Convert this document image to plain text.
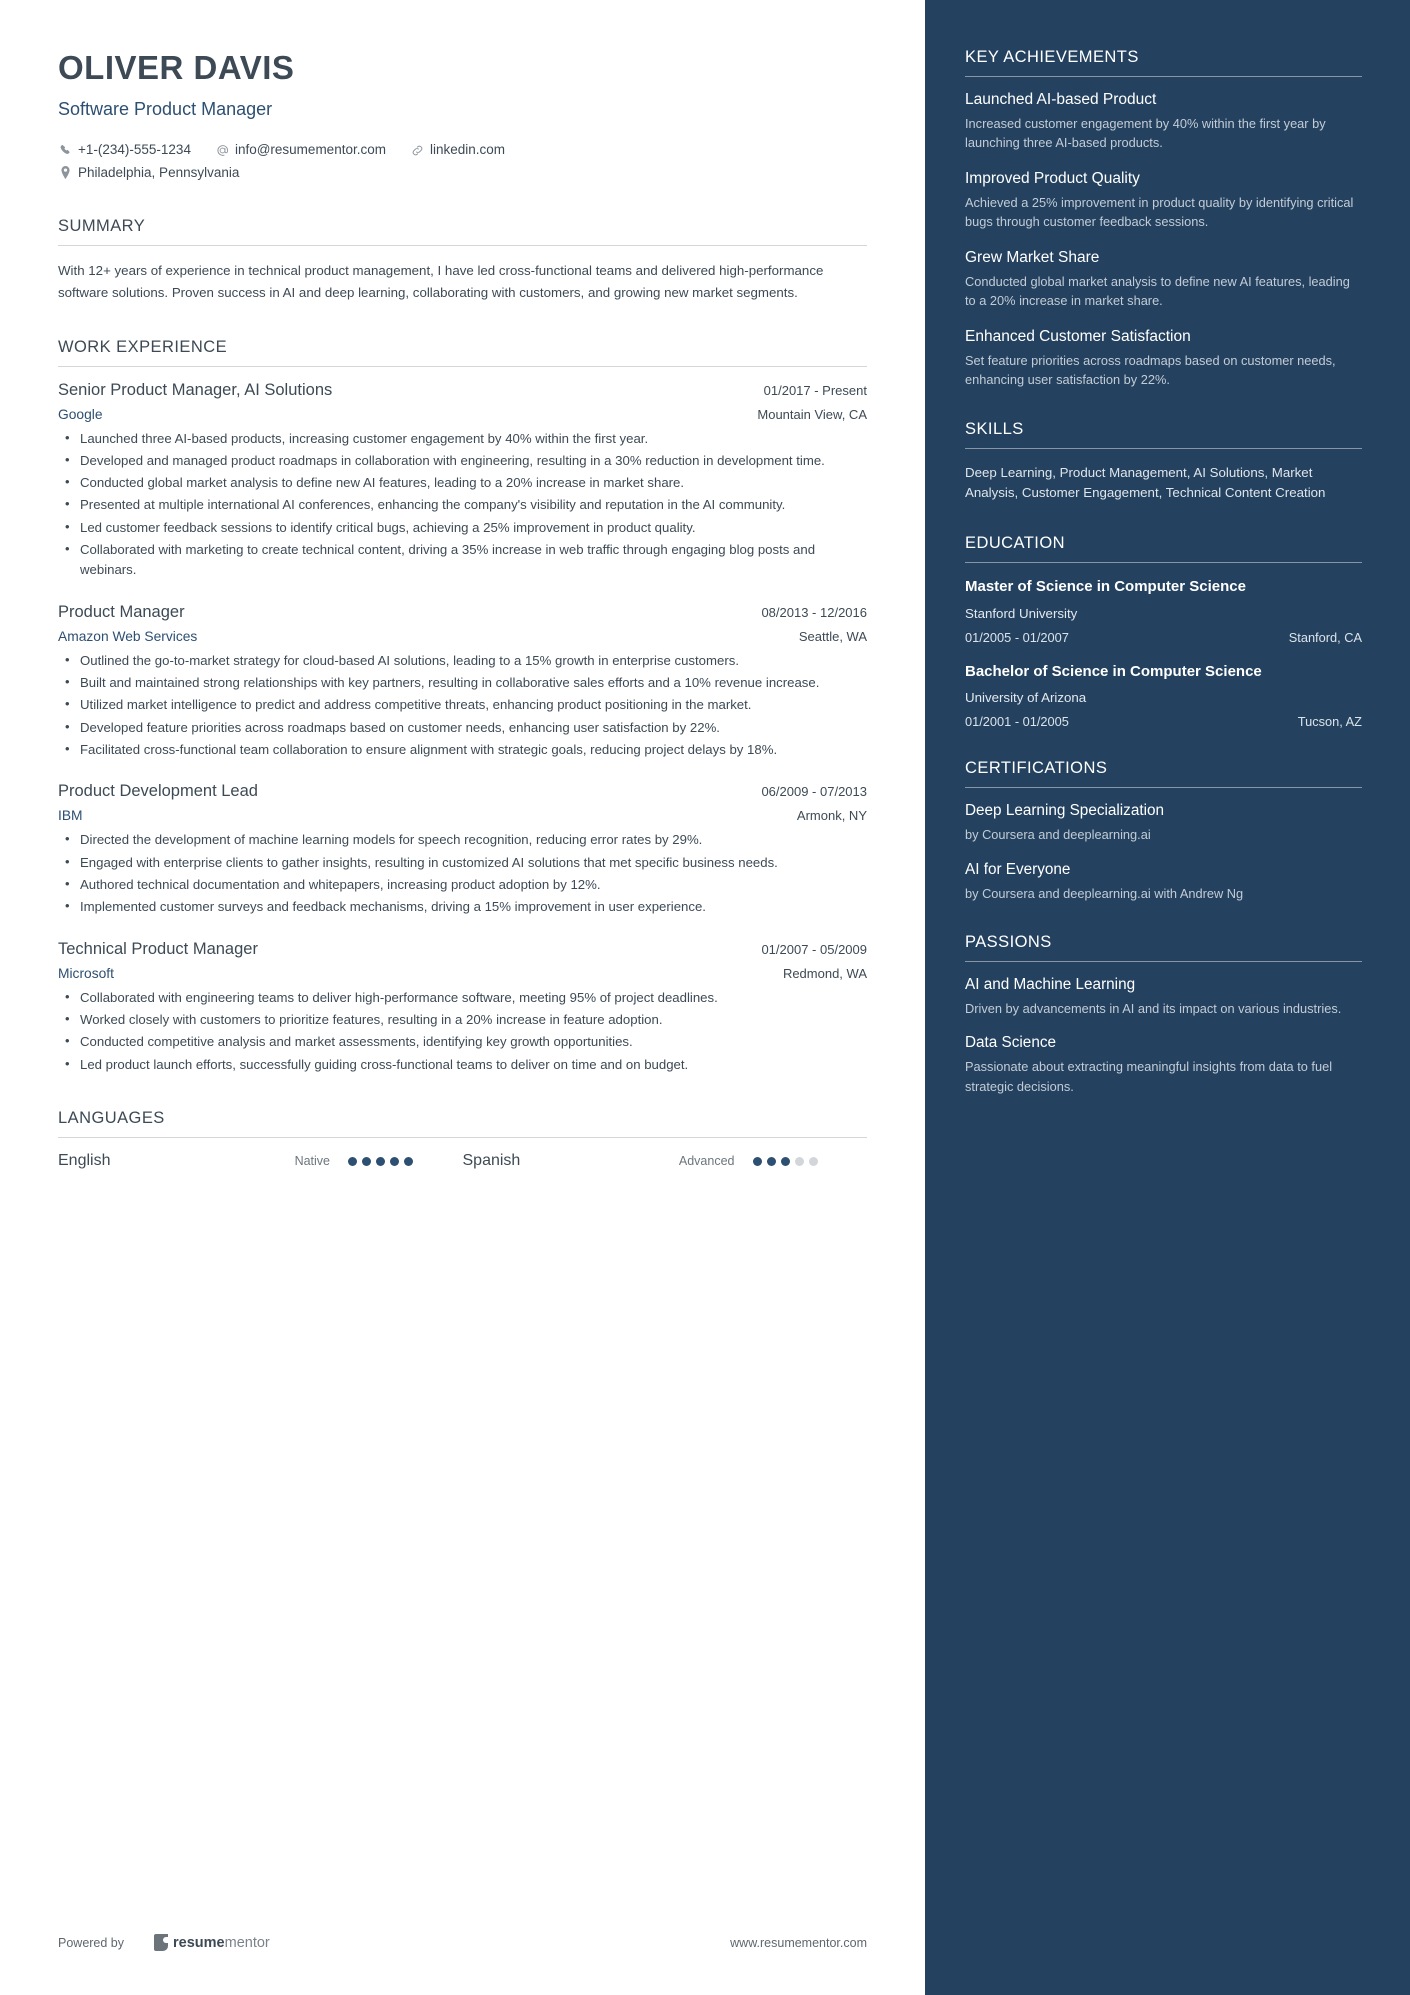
OLIVER DAVIS
Software Product Manager
+1-(234)-555-1234	info@resumementor.com	linkedin.com
Philadelphia, Pennsylvania
SUMMARY
With 12+ years of experience in technical product management, I have led cross-functional teams and delivered high-performance software solutions. Proven success in AI and deep learning, collaborating with customers, and growing new market segments.
WORK EXPERIENCE
Senior Product Manager, AI Solutions	01/2017 - Present
Google	Mountain View, CA
• Launched three AI-based products, increasing customer engagement by 40% within the first year.
• Developed and managed product roadmaps in collaboration with engineering, resulting in a 30% reduction in development time.
• Conducted global market analysis to define new AI features, leading to a 20% increase in market share.
• Presented at multiple international AI conferences, enhancing the company's visibility and reputation in the AI community.
• Led customer feedback sessions to identify critical bugs, achieving a 25% improvement in product quality.
• Collaborated with marketing to create technical content, driving a 35% increase in web traffic through engaging blog posts and webinars.
Product Manager	08/2013 - 12/2016
Amazon Web Services	Seattle, WA
• Outlined the go-to-market strategy for cloud-based AI solutions, leading to a 15% growth in enterprise customers.
• Built and maintained strong relationships with key partners, resulting in collaborative sales efforts and a 10% revenue increase.
• Utilized market intelligence to predict and address competitive threats, enhancing product positioning in the market.
• Developed feature priorities across roadmaps based on customer needs, enhancing user satisfaction by 22%.
• Facilitated cross-functional team collaboration to ensure alignment with strategic goals, reducing project delays by 18%.
Product Development Lead	06/2009 - 07/2013
IBM	Armonk, NY
• Directed the development of machine learning models for speech recognition, reducing error rates by 29%.
• Engaged with enterprise clients to gather insights, resulting in customized AI solutions that met specific business needs.
• Authored technical documentation and whitepapers, increasing product adoption by 12%.
• Implemented customer surveys and feedback mechanisms, driving a 15% improvement in user experience.
Technical Product Manager	01/2007 - 05/2009
Microsoft	Redmond, WA
• Collaborated with engineering teams to deliver high-performance software, meeting 95% of project deadlines.
• Worked closely with customers to prioritize features, resulting in a 20% increase in feature adoption.
• Conducted competitive analysis and market assessments, identifying key growth opportunities.
• Led product launch efforts, successfully guiding cross-functional teams to deliver on time and on budget.
LANGUAGES
English	Native	Spanish	Advanced
Powered by	resume mentor	www.resumementor.com
KEY ACHIEVEMENTS
Launched AI-based Product
Increased customer engagement by 40% within the first year by launching three AI-based products.
Improved Product Quality
Achieved a 25% improvement in product quality by identifying critical bugs through customer feedback sessions.
Grew Market Share
Conducted global market analysis to define new AI features, leading to a 20% increase in market share.
Enhanced Customer Satisfaction
Set feature priorities across roadmaps based on customer needs, enhancing user satisfaction by 22%.
SKILLS
Deep Learning, Product Management, AI Solutions, Market Analysis, Customer Engagement, Technical Content Creation
EDUCATION
Master of Science in Computer Science
Stanford University
01/2005 - 01/2007	Stanford, CA
Bachelor of Science in Computer Science
University of Arizona
01/2001 - 01/2005	Tucson, AZ
CERTIFICATIONS
Deep Learning Specialization
by Coursera and deeplearning.ai
AI for Everyone
by Coursera and deeplearning.ai with Andrew Ng
PASSIONS
AI and Machine Learning
Driven by advancements in AI and its impact on various industries.
Data Science
Passionate about extracting meaningful insights from data to fuel strategic decisions.
